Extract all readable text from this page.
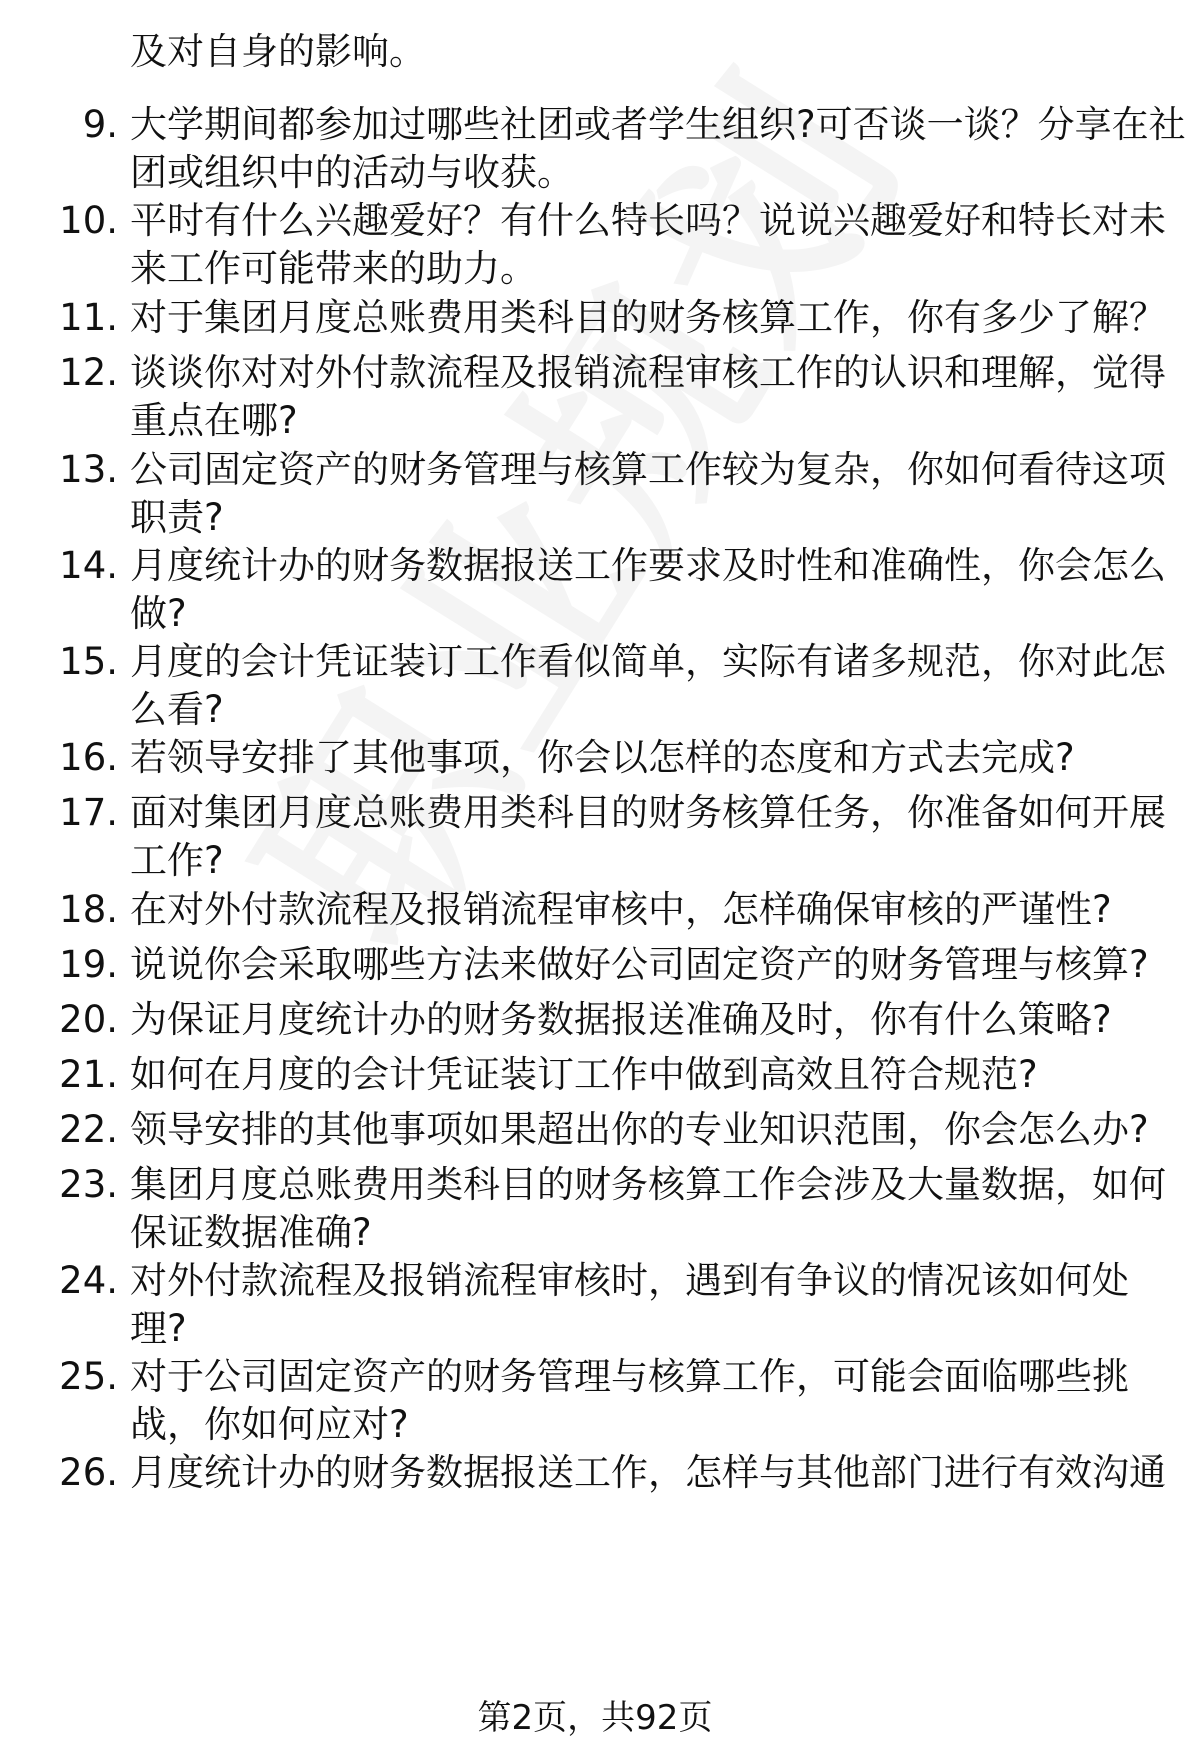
及对自身的影响。
9. 大学期间都参加过哪些社团或者学生组织?可否谈一谈？分享在社
团或组织中的活动与收获。
10. 平时有什么兴趣爱好？有什么特长吗？说说兴趣爱好和特长对未
来工作可能带来的助力。
11. 对于集团月度总账费用类科目的财务核算工作，你有多少了解？
12. 谈谈你对对外付款流程及报销流程审核工作的认识和理解，觉得
重点在哪?
13. 公司固定资产的财务管理与核算工作较为复杂，你如何看待这项
职责?
14. 月度统计办的财务数据报送工作要求及时性和准确性，你会怎么
做?
15. 月度的会计凭证装订工作看似简单，实际有诸多规范，你对此怎
么看?
16. 若领导安排了其他事项，你会以怎样的态度和方式去完成?
17. 面对集团月度总账费用类科目的财务核算任务，你准备如何开展
工作?
18. 在对外付款流程及报销流程审核中，怎样确保审核的严谨性?
19. 说说你会采取哪些方法来做好公司固定资产的财务管理与核算?
20. 为保证月度统计办的财务数据报送准确及时，你有什么策略?
21. 如何在月度的会计凭证装订工作中做到高效且符合规范?
22. 领导安排的其他事项如果超出你的专业知识范围，你会怎么办?
23. 集团月度总账费用类科目的财务核算工作会涉及大量数据，如何
保证数据准确?
24. 对外付款流程及报销流程审核时，遇到有争议的情况该如何处
理?
25. 对于公司固定资产的财务管理与核算工作，可能会面临哪些挑
战，你如何应对?
26. 月度统计办的财务数据报送工作，怎样与其他部门进行有效沟通
第2页，共92页
